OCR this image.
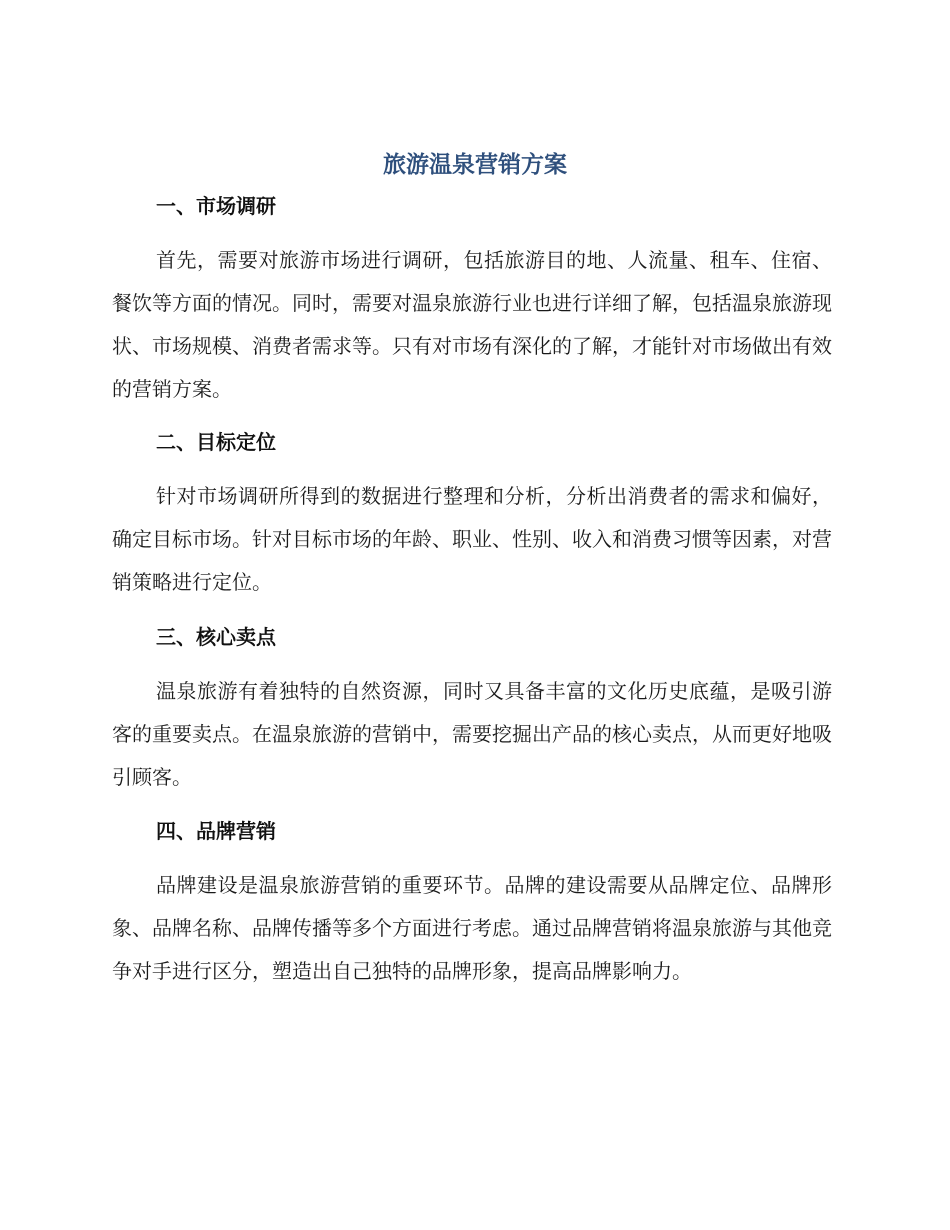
旅游温泉营销方案
一、市场调研

首先，需要对旅游市场进行调研，包括旅游目的地、人流量、租车、住宿、餐饮等方面的情况。同时，需要对温泉旅游行业也进行详细了解，包括温泉旅游现状、市场规模、消费者需求等。只有对市场有深化的了解，才能针对市场做出有效的营销方案。

二、目标定位

针对市场调研所得到的数据进行整理和分析，分析出消费者的需求和偏好，确定目标市场。针对目标市场的年龄、职业、性别、收入和消费习惯等因素，对营销策略进行定位。

三、核心卖点

温泉旅游有着独特的自然资源，同时又具备丰富的文化历史底蕴，是吸引游客的重要卖点。在温泉旅游的营销中，需要挖掘出产品的核心卖点，从而更好地吸引顾客。

四、品牌营销

品牌建设是温泉旅游营销的重要环节。品牌的建设需要从品牌定位、品牌形象、品牌名称、品牌传播等多个方面进行考虑。通过品牌营销将温泉旅游与其他竞争对手进行区分，塑造出自己独特的品牌形象，提高品牌影响力。
